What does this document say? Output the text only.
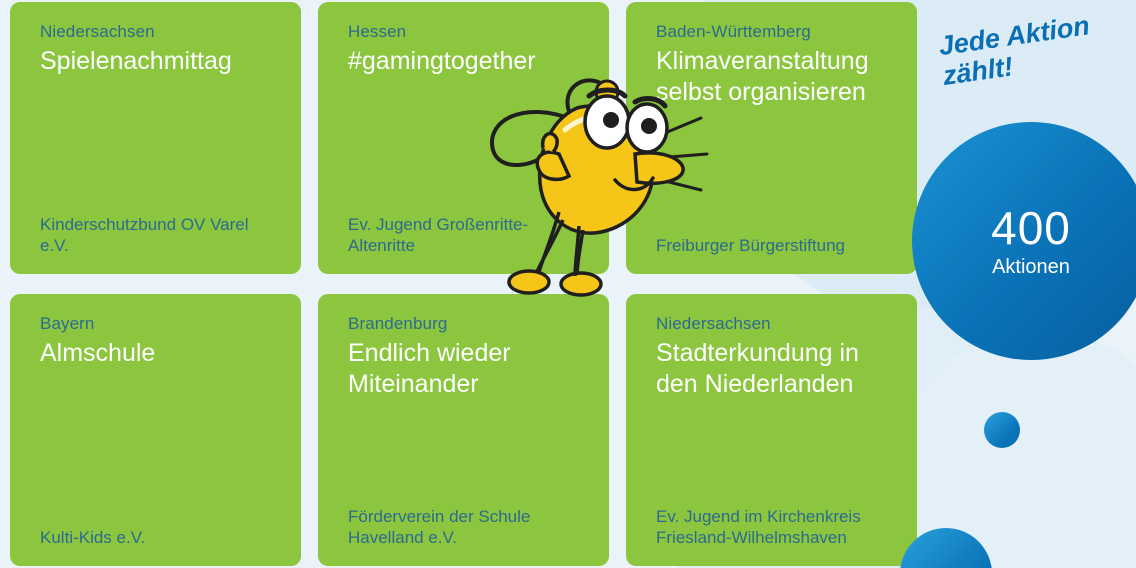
Niedersachsen

Spielenachmittag

Kinderschutzbund OV Varel e.V.

Hessen

#gamingtogether

Ev. Jugend Großenritte-Altenritte

Baden-Württemberg

Klimaveranstaltung selbst organisieren

Freiburger Bürgerstiftung

Bayern

Almschule

Kulti-Kids e.V.

Brandenburg

Endlich wieder Miteinander

Förderverein der Schule Havelland e.V.

Niedersachsen

Stadterkundung in den Niederlanden

Ev. Jugend im Kirchenkreis Friesland-Wilhelmshaven

400
Aktionen
Jede Aktion
zählt!
